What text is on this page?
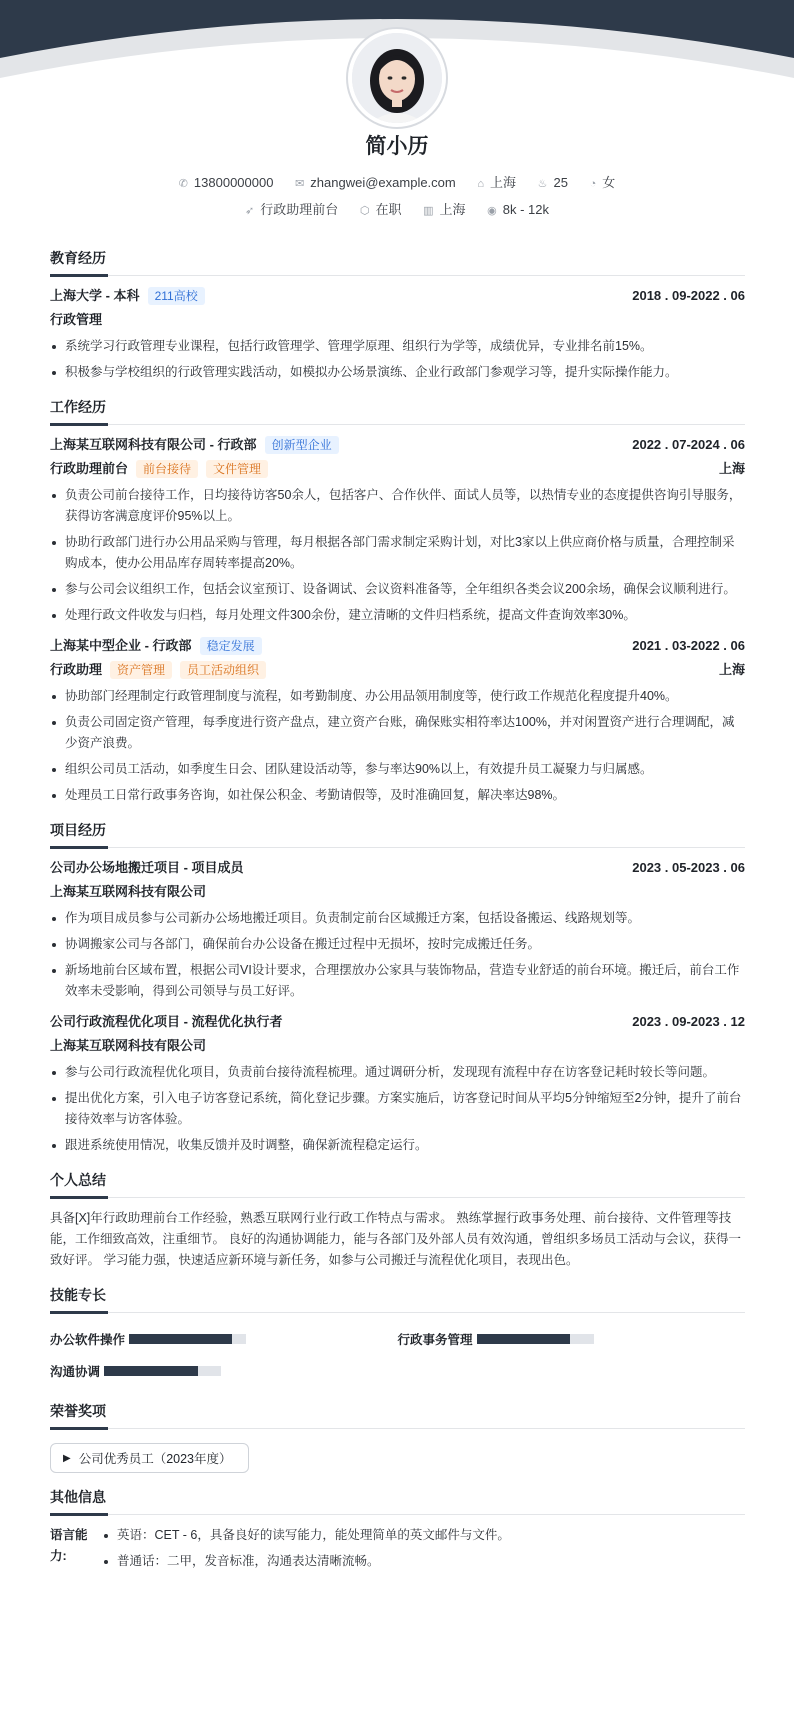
简小历
✆ 13800000000 ✉ zhangwei@example.com ⌂ 上海 ♨ 25 ◔ 女
➶ 行政助理前台 ⬡ 在职 ▥ 上海 ◉ 8k - 12k
教育经历
上海大学 - 本科	211高校	2018 . 09-2022 . 06
行政管理
系统学习行政管理专业课程，包括行政管理学、管理学原理、组织行为学等，成绩优异，专业排名前15%。
积极参与学校组织的行政管理实践活动，如模拟办公场景演练、企业行政部门参观学习等，提升实际操作能力。
工作经历
上海某互联网科技有限公司 - 行政部	创新型企业	2022 . 07-2024 . 06
行政助理前台	前台接待	文件管理	上海
负责公司前台接待工作，日均接待访客50余人，包括客户、合作伙伴、面试人员等，以热情专业的态度提供咨询引导服务，获得访客满意度评价95%以上。
协助行政部门进行办公用品采购与管理，每月根据各部门需求制定采购计划，对比3家以上供应商价格与质量，合理控制采购成本，使办公用品库存周转率提高20%。
参与公司会议组织工作，包括会议室预订、设备调试、会议资料准备等，全年组织各类会议200余场，确保会议顺利进行。
处理行政文件收发与归档，每月处理文件300余份，建立清晰的文件归档系统，提高文件查询效率30%。
上海某中型企业 - 行政部	稳定发展	2021 . 03-2022 . 06
行政助理	资产管理	员工活动组织	上海
协助部门经理制定行政管理制度与流程，如考勤制度、办公用品领用制度等，使行政工作规范化程度提升40%。
负责公司固定资产管理，每季度进行资产盘点，建立资产台账，确保账实相符率达100%，并对闲置资产进行合理调配，减少资产浪费。
组织公司员工活动，如季度生日会、团队建设活动等，参与率达90%以上，有效提升员工凝聚力与归属感。
处理员工日常行政事务咨询，如社保公积金、考勤请假等，及时准确回复，解决率达98%。
项目经历
公司办公场地搬迁项目 - 项目成员	2023 . 05-2023 . 06
上海某互联网科技有限公司
作为项目成员参与公司新办公场地搬迁项目。负责制定前台区域搬迁方案，包括设备搬运、线路规划等。
协调搬家公司与各部门，确保前台办公设备在搬迁过程中无损坏，按时完成搬迁任务。
新场地前台区域布置，根据公司VI设计要求，合理摆放办公家具与装饰物品，营造专业舒适的前台环境。搬迁后，前台工作效率未受影响，得到公司领导与员工好评。
公司行政流程优化项目 - 流程优化执行者	2023 . 09-2023 . 12
上海某互联网科技有限公司
参与公司行政流程优化项目，负责前台接待流程梳理。通过调研分析，发现现有流程中存在访客登记耗时较长等问题。
提出优化方案，引入电子访客登记系统，简化登记步骤。方案实施后，访客登记时间从平均5分钟缩短至2分钟，提升了前台接待效率与访客体验。
跟进系统使用情况，收集反馈并及时调整，确保新流程稳定运行。
个人总结
具备[X]年行政助理前台工作经验，熟悉互联网行业行政工作特点与需求。 熟练掌握行政事务处理、前台接待、文件管理等技能，工作细致高效，注重细节。 良好的沟通协调能力，能与各部门及外部人员有效沟通，曾组织多场员工活动与会议，获得一致好评。 学习能力强，快速适应新环境与新任务，如参与公司搬迁与流程优化项目，表现出色。
技能专长
办公软件操作	行政事务管理
沟通协调
荣誉奖项
▶ 公司优秀员工（2023年度）
其他信息
语言能力:
英语：CET - 6，具备良好的读写能力，能处理简单的英文邮件与文件。
普通话：二甲，发音标准，沟通表达清晰流畅。
